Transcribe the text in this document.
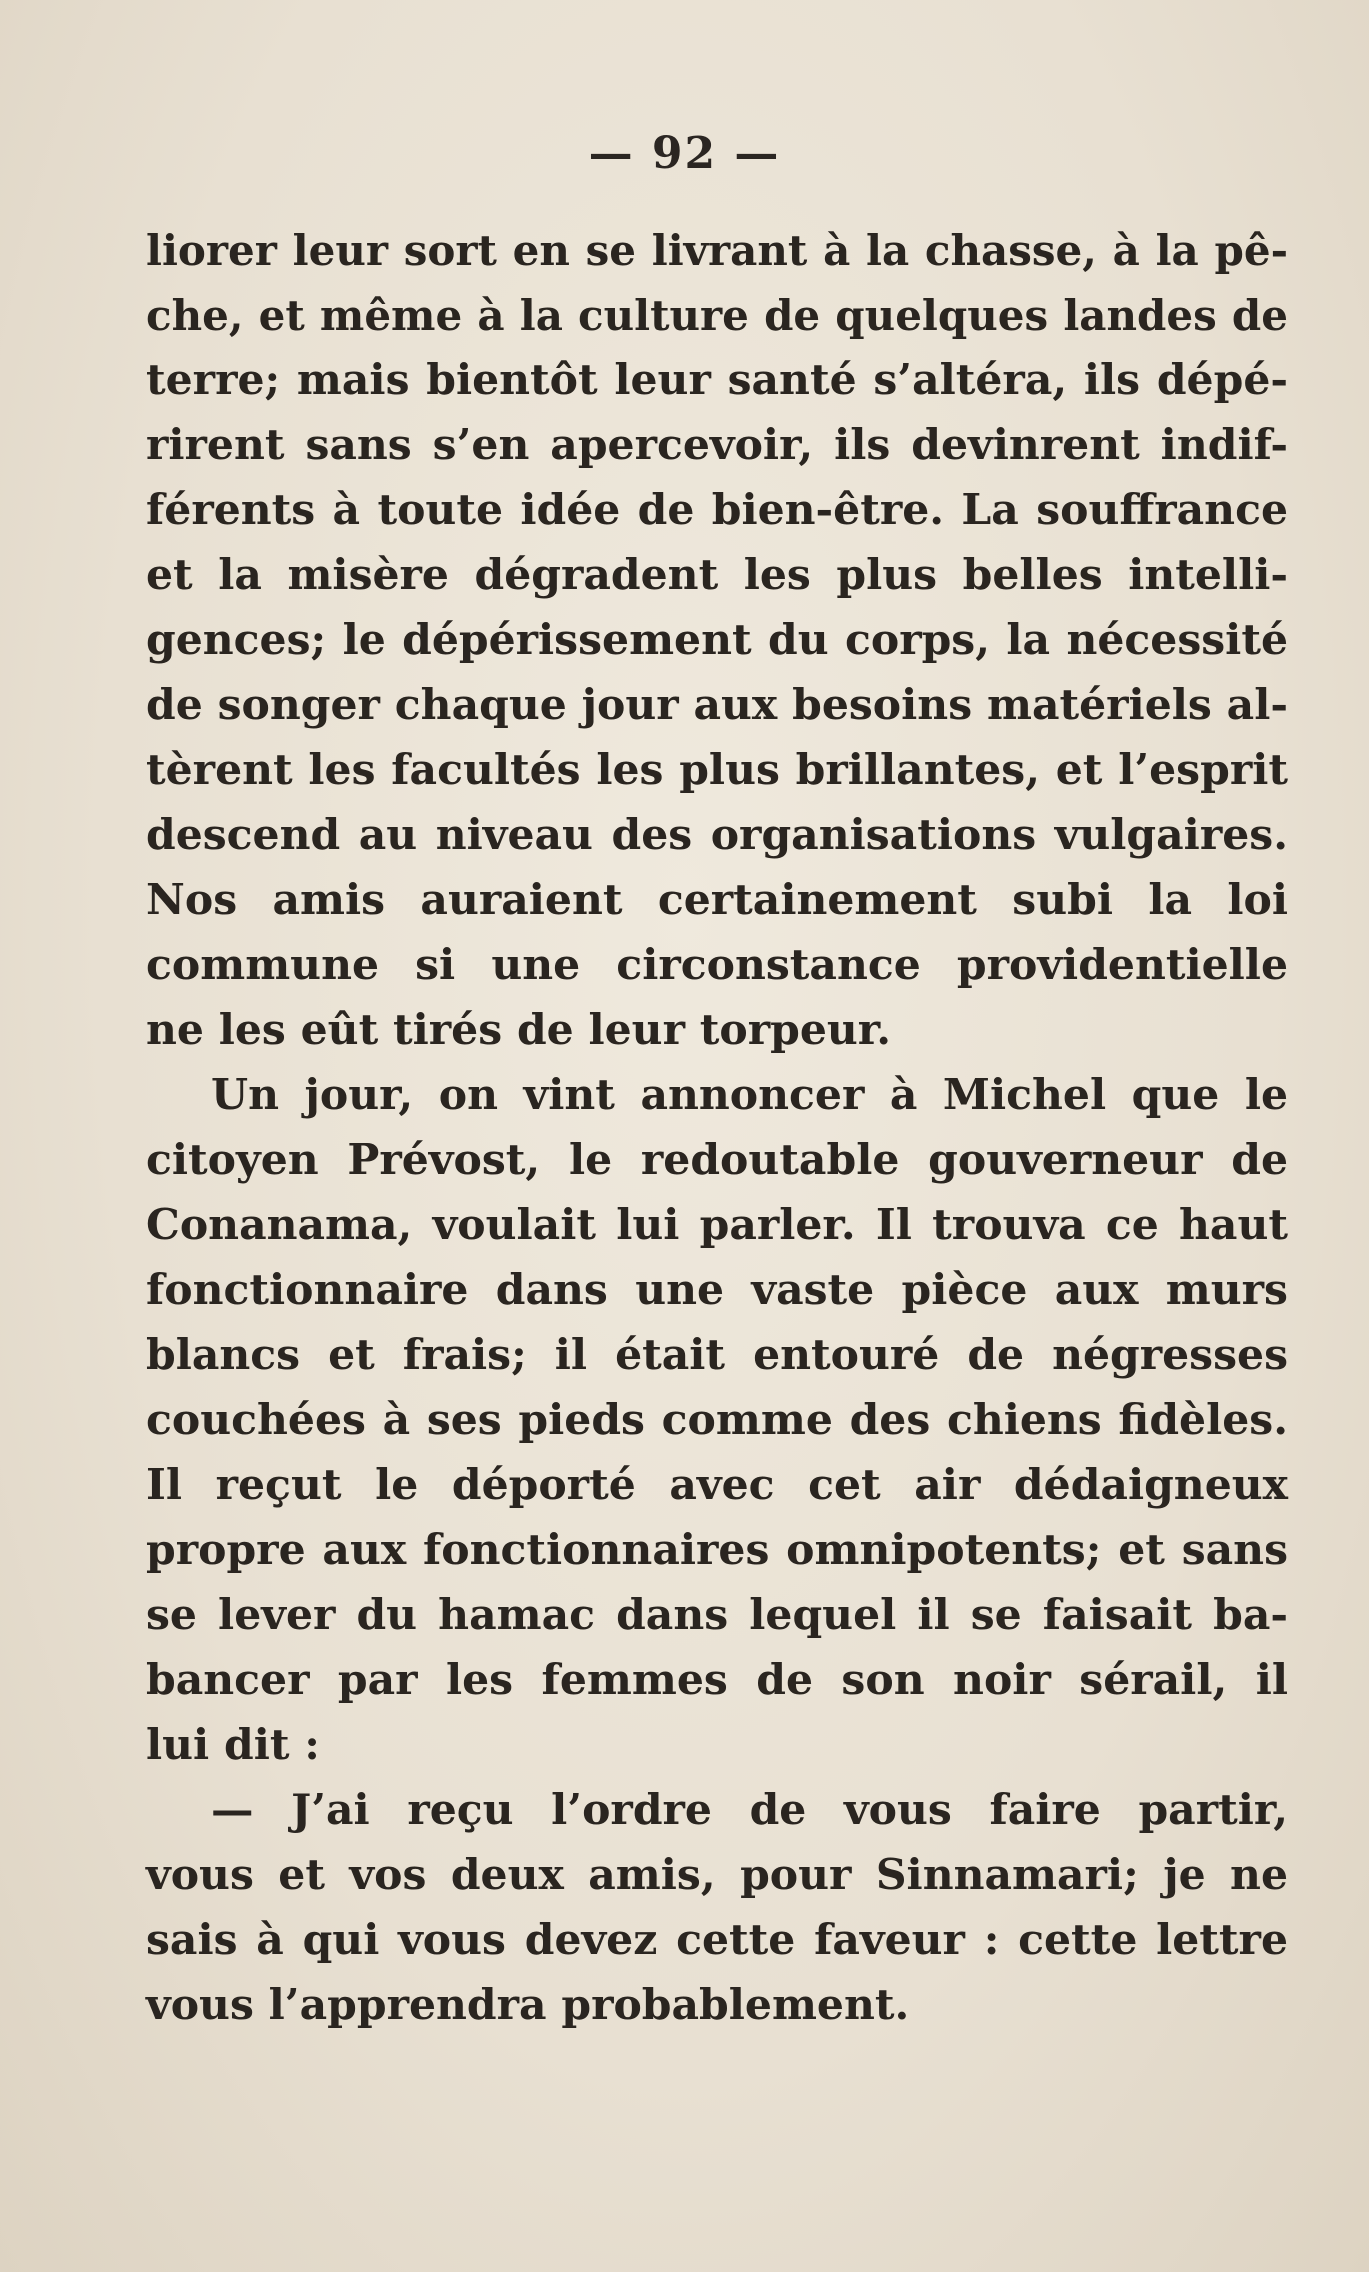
— 92 —
liorer leur sort en se livrant à la chasse, à la pê-
che, et même à la culture de quelques landes de
terre; mais bientôt leur santé s’altéra, ils dépé-
rirent sans s’en apercevoir, ils devinrent indif-
férents à toute idée de bien-être. La souffrance
et la misère dégradent les plus belles intelli-
gences; le dépérissement du corps, la nécessité
de songer chaque jour aux besoins matériels al-
tèrent les facultés les plus brillantes, et l’esprit
descend au niveau des organisations vulgaires.
Nos amis auraient certainement subi la loi
commune si une circonstance providentielle
ne les eût tirés de leur torpeur.
Un jour, on vint annoncer à Michel que le
citoyen Prévost, le redoutable gouverneur de
Conanama, voulait lui parler. Il trouva ce haut
fonctionnaire dans une vaste pièce aux murs
blancs et frais; il était entouré de négresses
couchées à ses pieds comme des chiens fidèles.
Il reçut le déporté avec cet air dédaigneux
propre aux fonctionnaires omnipotents; et sans
se lever du hamac dans lequel il se faisait ba-
bancer par les femmes de son noir sérail, il
lui dit :
— J’ai reçu l’ordre de vous faire partir,
vous et vos deux amis, pour Sinnamari; je ne
sais à qui vous devez cette faveur : cette lettre
vous l’apprendra probablement.
